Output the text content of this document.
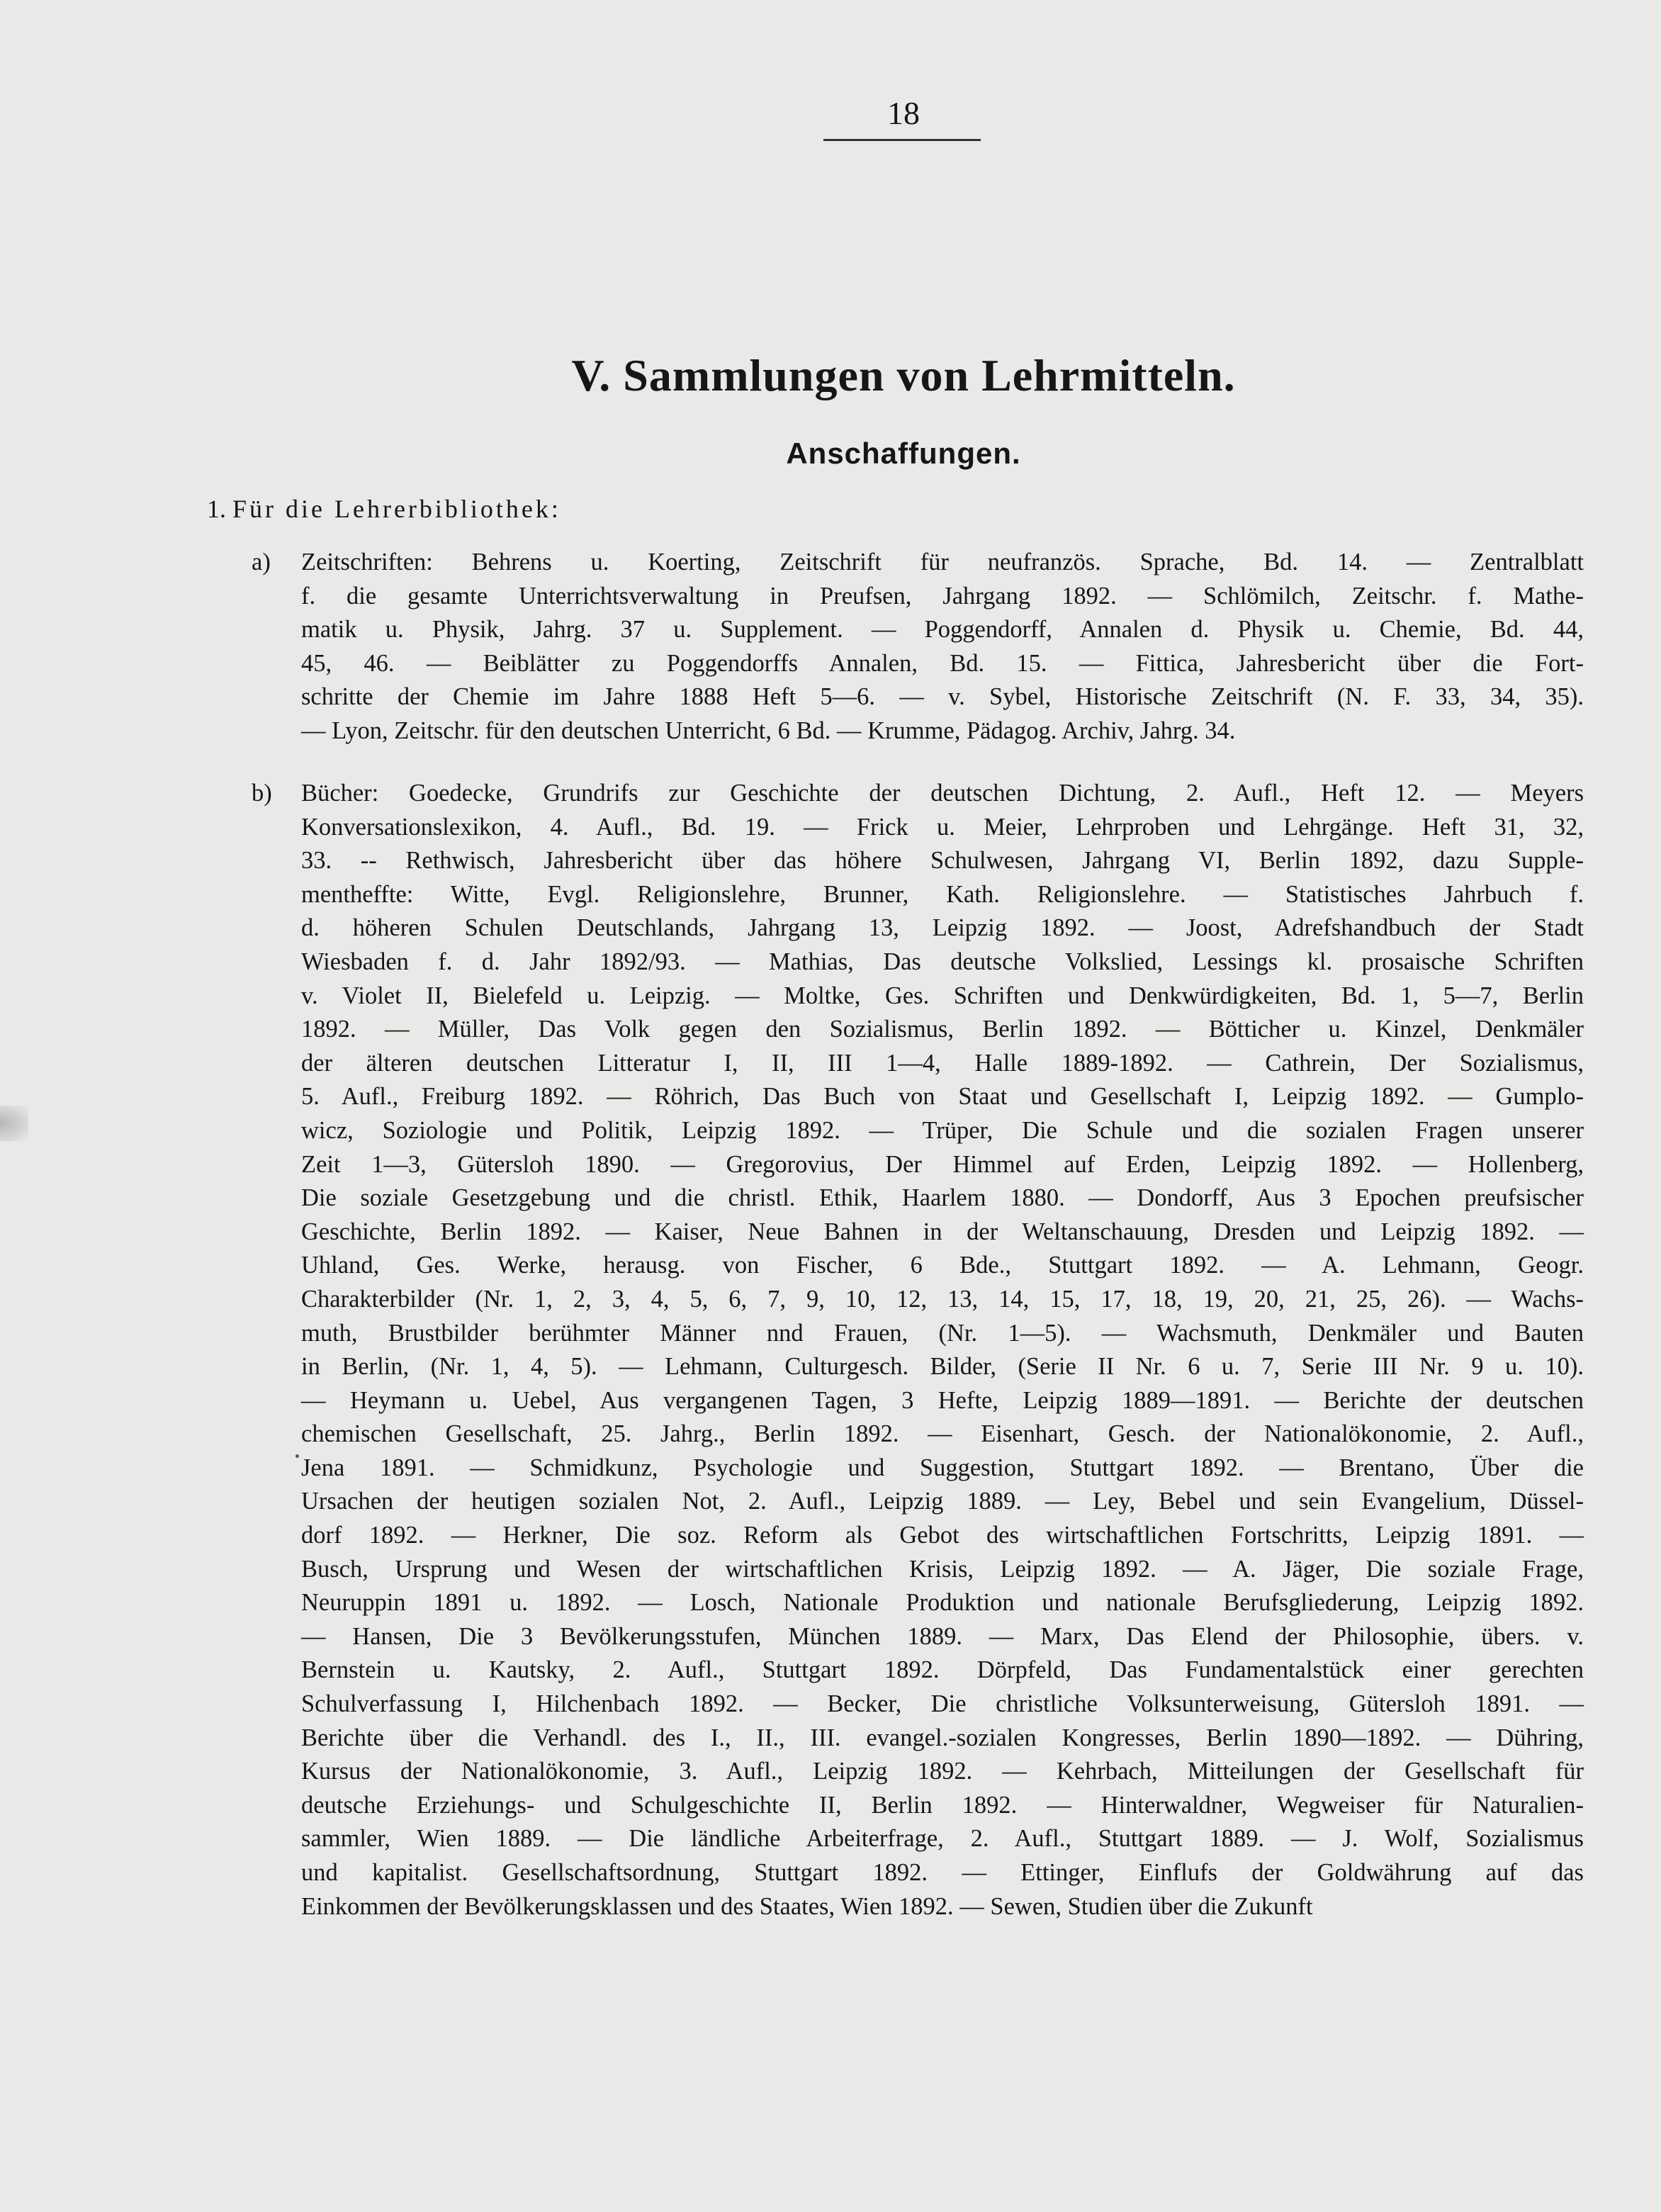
18
V. Sammlungen von Lehrmitteln.
Anschaffungen.
1. Für die Lehrerbibliothek:
a) Zeitschriften: Behrens u. Koerting, Zeitschrift für neufranzös. Sprache, Bd. 14. — Zentralblatt
f. die gesamte Unterrichtsverwaltung in Preufsen, Jahrgang 1892. — Schlömilch, Zeitschr. f. Mathe-
matik u. Physik, Jahrg. 37 u. Supplement. — Poggendorff, Annalen d. Physik u. Chemie, Bd. 44,
45, 46. — Beiblätter zu Poggendorffs Annalen, Bd. 15. — Fittica, Jahresbericht über die Fort-
schritte der Chemie im Jahre 1888 Heft 5—6. — v. Sybel, Historische Zeitschrift (N. F. 33, 34, 35).
— Lyon, Zeitschr. für den deutschen Unterricht, 6 Bd. — Krumme, Pädagog. Archiv, Jahrg. 34.
b) Bücher: Goedecke, Grundrifs zur Geschichte der deutschen Dichtung, 2. Aufl., Heft 12. — Meyers
Konversationslexikon, 4. Aufl., Bd. 19. — Frick u. Meier, Lehrproben und Lehrgänge. Heft 31, 32,
33. -- Rethwisch, Jahresbericht über das höhere Schulwesen, Jahrgang VI, Berlin 1892, dazu Supple-
mentheffte: Witte, Evgl. Religionslehre, Brunner, Kath. Religionslehre. — Statistisches Jahrbuch f.
d. höheren Schulen Deutschlands, Jahrgang 13, Leipzig 1892. — Joost, Adrefshandbuch der Stadt
Wiesbaden f. d. Jahr 1892/93. — Mathias, Das deutsche Volkslied, Lessings kl. prosaische Schriften
v. Violet II, Bielefeld u. Leipzig. — Moltke, Ges. Schriften und Denkwürdigkeiten, Bd. 1, 5—7, Berlin
1892. — Müller, Das Volk gegen den Sozialismus, Berlin 1892. — Bötticher u. Kinzel, Denkmäler
der älteren deutschen Litteratur I, II, III 1—4, Halle 1889-1892. — Cathrein, Der Sozialismus,
5. Aufl., Freiburg 1892. — Röhrich, Das Buch von Staat und Gesellschaft I, Leipzig 1892. — Gumplo-
wicz, Soziologie und Politik, Leipzig 1892. — Trüper, Die Schule und die sozialen Fragen unserer
Zeit 1—3, Gütersloh 1890. — Gregorovius, Der Himmel auf Erden, Leipzig 1892. — Hollenberg,
Die soziale Gesetzgebung und die christl. Ethik, Haarlem 1880. — Dondorff, Aus 3 Epochen preufsischer
Geschichte, Berlin 1892. — Kaiser, Neue Bahnen in der Weltanschauung, Dresden und Leipzig 1892. —
Uhland, Ges. Werke, herausg. von Fischer, 6 Bde., Stuttgart 1892. — A. Lehmann, Geogr.
Charakterbilder (Nr. 1, 2, 3, 4, 5, 6, 7, 9, 10, 12, 13, 14, 15, 17, 18, 19, 20, 21, 25, 26). — Wachs-
muth, Brustbilder berühmter Männer nnd Frauen, (Nr. 1—5). — Wachsmuth, Denkmäler und Bauten
in Berlin, (Nr. 1, 4, 5). — Lehmann, Culturgesch. Bilder, (Serie II Nr. 6 u. 7, Serie III Nr. 9 u. 10).
— Heymann u. Uebel, Aus vergangenen Tagen, 3 Hefte, Leipzig 1889—1891. — Berichte der deutschen
chemischen Gesellschaft, 25. Jahrg., Berlin 1892. — Eisenhart, Gesch. der Nationalökonomie, 2. Aufl.,
Jena 1891. — Schmidkunz, Psychologie und Suggestion, Stuttgart 1892. — Brentano, Über die
Ursachen der heutigen sozialen Not, 2. Aufl., Leipzig 1889. — Ley, Bebel und sein Evangelium, Düssel-
dorf 1892. — Herkner, Die soz. Reform als Gebot des wirtschaftlichen Fortschritts, Leipzig 1891. —
Busch, Ursprung und Wesen der wirtschaftlichen Krisis, Leipzig 1892. — A. Jäger, Die soziale Frage,
Neuruppin 1891 u. 1892. — Losch, Nationale Produktion und nationale Berufsgliederung, Leipzig 1892.
— Hansen, Die 3 Bevölkerungsstufen, München 1889. — Marx, Das Elend der Philosophie, übers. v.
Bernstein u. Kautsky, 2. Aufl., Stuttgart 1892. Dörpfeld, Das Fundamentalstück einer gerechten
Schulverfassung I, Hilchenbach 1892. — Becker, Die christliche Volksunterweisung, Gütersloh 1891. —
Berichte über die Verhandl. des I., II., III. evangel.-sozialen Kongresses, Berlin 1890—1892. — Dühring,
Kursus der Nationalökonomie, 3. Aufl., Leipzig 1892. — Kehrbach, Mitteilungen der Gesellschaft für
deutsche Erziehungs- und Schulgeschichte II, Berlin 1892. — Hinterwaldner, Wegweiser für Naturalien-
sammler, Wien 1889. — Die ländliche Arbeiterfrage, 2. Aufl., Stuttgart 1889. — J. Wolf, Sozialismus
und kapitalist. Gesellschaftsordnung, Stuttgart 1892. — Ettinger, Einflufs der Goldwährung auf das
Einkommen der Bevölkerungsklassen und des Staates, Wien 1892. — Sewen, Studien über die Zukunft
